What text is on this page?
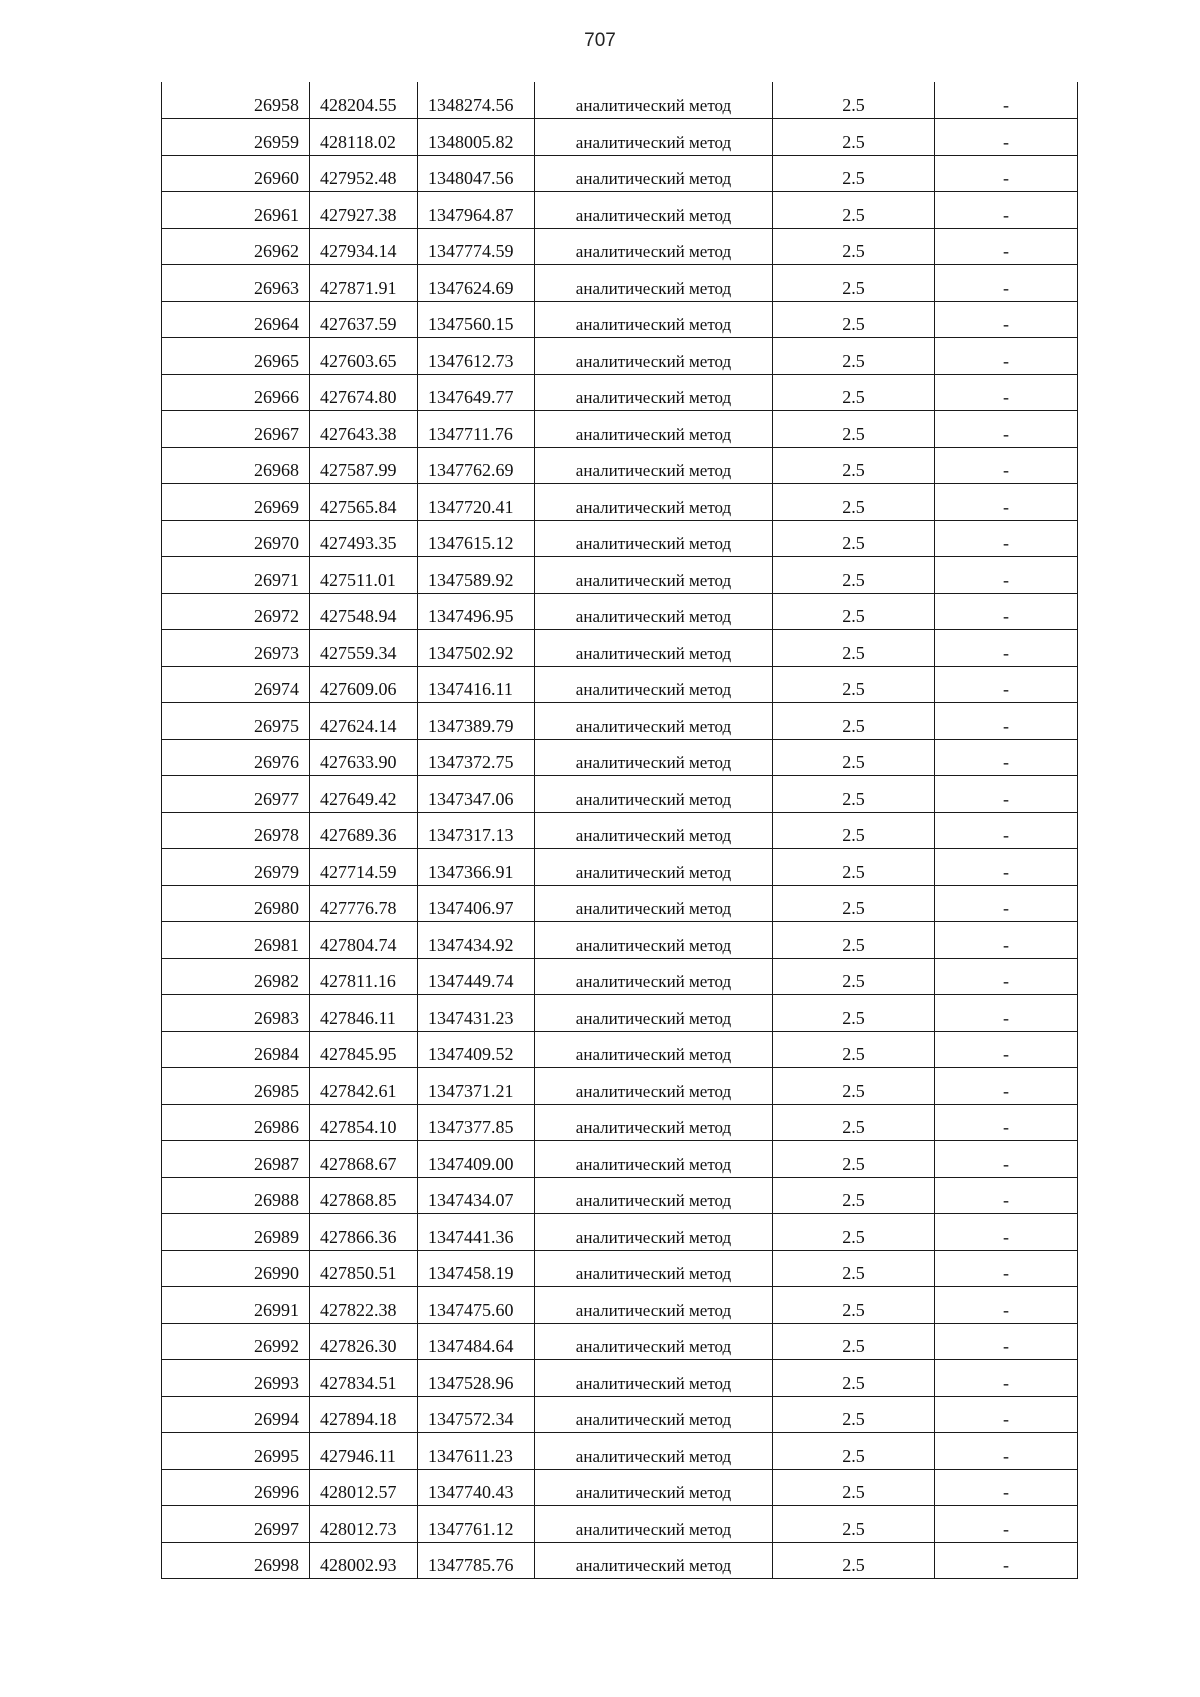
707
26958	428204.55	1348274.56	аналитический метод	2.5	-
26959	428118.02	1348005.82	аналитический метод	2.5	-
26960	427952.48	1348047.56	аналитический метод	2.5	-
26961	427927.38	1347964.87	аналитический метод	2.5	-
26962	427934.14	1347774.59	аналитический метод	2.5	-
26963	427871.91	1347624.69	аналитический метод	2.5	-
26964	427637.59	1347560.15	аналитический метод	2.5	-
26965	427603.65	1347612.73	аналитический метод	2.5	-
26966	427674.80	1347649.77	аналитический метод	2.5	-
26967	427643.38	1347711.76	аналитический метод	2.5	-
26968	427587.99	1347762.69	аналитический метод	2.5	-
26969	427565.84	1347720.41	аналитический метод	2.5	-
26970	427493.35	1347615.12	аналитический метод	2.5	-
26971	427511.01	1347589.92	аналитический метод	2.5	-
26972	427548.94	1347496.95	аналитический метод	2.5	-
26973	427559.34	1347502.92	аналитический метод	2.5	-
26974	427609.06	1347416.11	аналитический метод	2.5	-
26975	427624.14	1347389.79	аналитический метод	2.5	-
26976	427633.90	1347372.75	аналитический метод	2.5	-
26977	427649.42	1347347.06	аналитический метод	2.5	-
26978	427689.36	1347317.13	аналитический метод	2.5	-
26979	427714.59	1347366.91	аналитический метод	2.5	-
26980	427776.78	1347406.97	аналитический метод	2.5	-
26981	427804.74	1347434.92	аналитический метод	2.5	-
26982	427811.16	1347449.74	аналитический метод	2.5	-
26983	427846.11	1347431.23	аналитический метод	2.5	-
26984	427845.95	1347409.52	аналитический метод	2.5	-
26985	427842.61	1347371.21	аналитический метод	2.5	-
26986	427854.10	1347377.85	аналитический метод	2.5	-
26987	427868.67	1347409.00	аналитический метод	2.5	-
26988	427868.85	1347434.07	аналитический метод	2.5	-
26989	427866.36	1347441.36	аналитический метод	2.5	-
26990	427850.51	1347458.19	аналитический метод	2.5	-
26991	427822.38	1347475.60	аналитический метод	2.5	-
26992	427826.30	1347484.64	аналитический метод	2.5	-
26993	427834.51	1347528.96	аналитический метод	2.5	-
26994	427894.18	1347572.34	аналитический метод	2.5	-
26995	427946.11	1347611.23	аналитический метод	2.5	-
26996	428012.57	1347740.43	аналитический метод	2.5	-
26997	428012.73	1347761.12	аналитический метод	2.5	-
26998	428002.93	1347785.76	аналитический метод	2.5	-
